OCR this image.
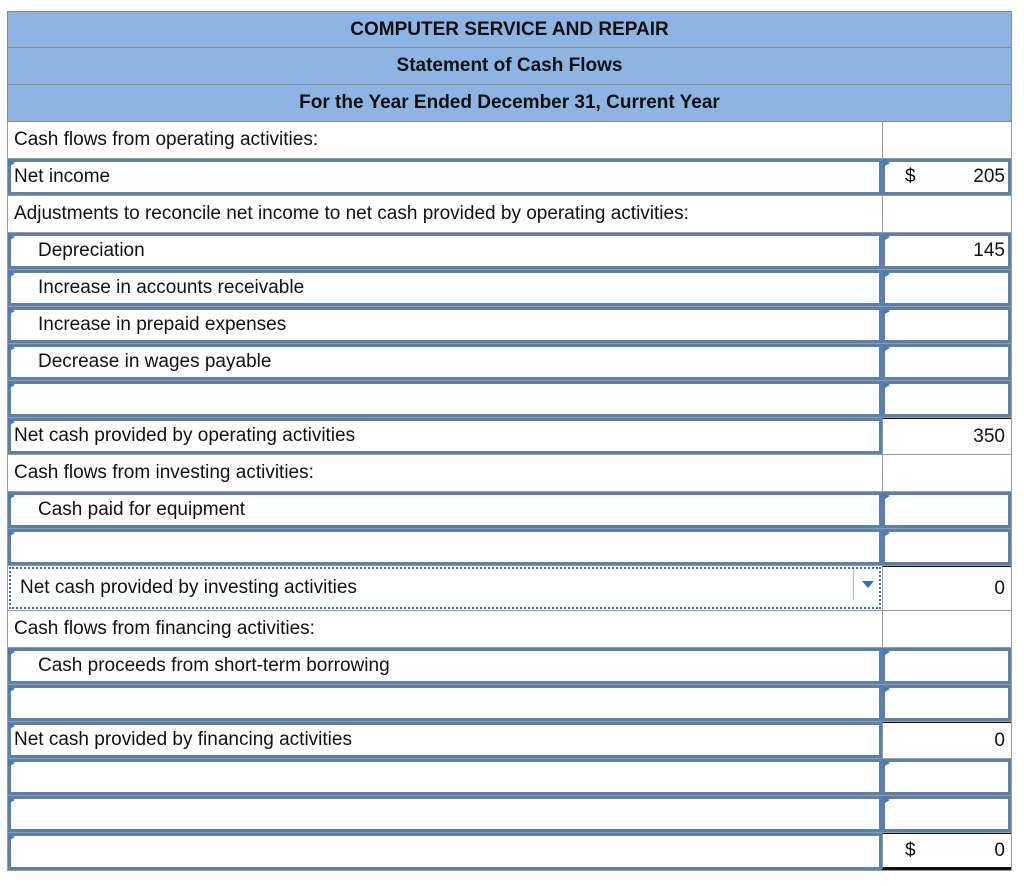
COMPUTER SERVICE AND REPAIR
Statement of Cash Flows
For the Year Ended December 31, Current Year
Cash flows from operating activities:
Net income	$	205
Adjustments to reconcile net income to net cash provided by operating activities:
Depreciation	145
Increase in accounts receivable
Increase in prepaid expenses
Decrease in wages payable
Net cash provided by operating activities	350
Cash flows from investing activities:
Cash paid for equipment
Net cash provided by investing activities	0
Cash flows from financing activities:
Cash proceeds from short-term borrowing
Net cash provided by financing activities	0
$	0
